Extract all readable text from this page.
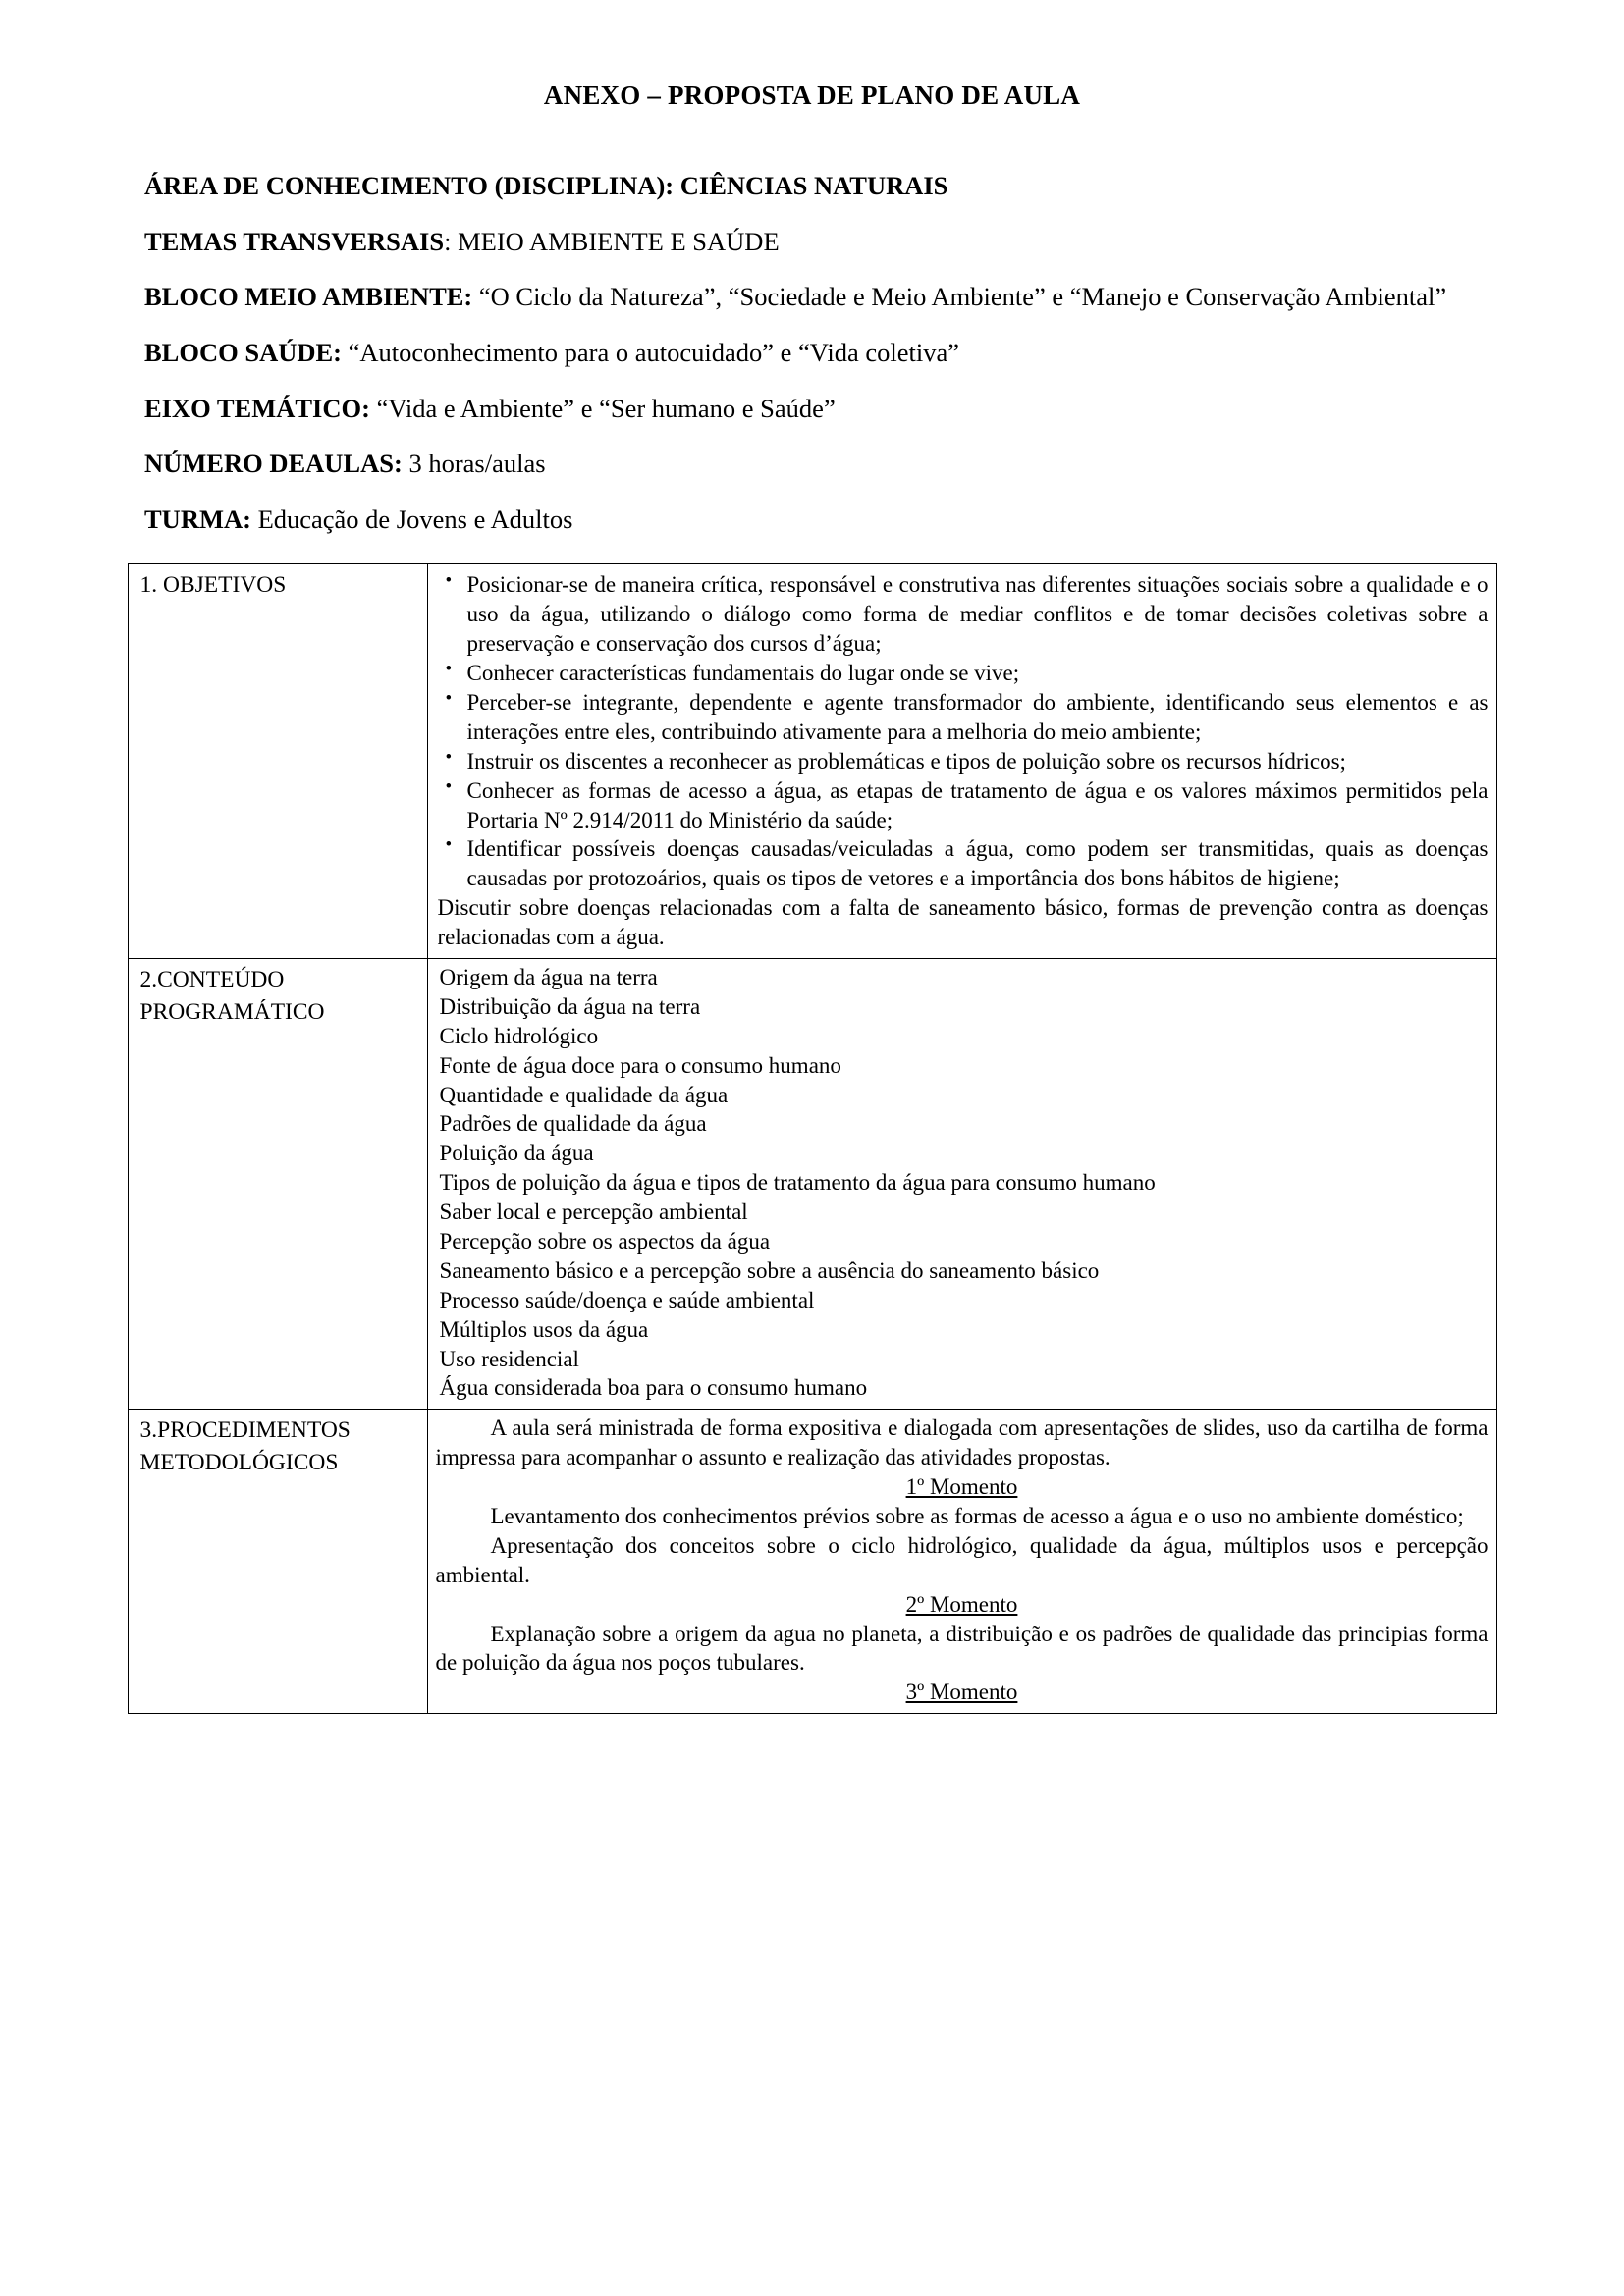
ANEXO – PROPOSTA DE PLANO DE AULA

ÁREA DE CONHECIMENTO (DISCIPLINA): CIÊNCIAS NATURAIS

TEMAS TRANSVERSAIS: MEIO AMBIENTE E SAÚDE

BLOCO MEIO AMBIENTE: “O Ciclo da Natureza”, “Sociedade e Meio Ambiente” e “Manejo e Conservação Ambiental”

BLOCO SAÚDE: “Autoconhecimento para o autocuidado” e “Vida coletiva”

EIXO TEMÁTICO: “Vida e Ambiente” e “Ser humano e Saúde”

NÚMERO DEAULAS: 3 horas/aulas

TURMA: Educação de Jovens e Adultos

1. OBJETIVOS

•Posicionar-se de maneira crítica, responsável e construtiva nas diferentes situações sociais sobre a qualidade e o uso da água, utilizando o diálogo como forma de mediar conflitos e de tomar decisões coletivas sobre a preservação e conservação dos cursos d’água;
• Conhecer características fundamentais do lugar onde se vive;
• Perceber-se integrante, dependente e agente transformador do ambiente, identificando seus elementos e as interações entre eles, contribuindo ativamente para a melhoria do meio ambiente;
• Instruir os discentes a reconhecer as problemáticas e tipos de poluição sobre os recursos hídricos;
• Conhecer as formas de acesso a água, as etapas de tratamento de água e os valores máximos permitidos pela Portaria Nº 2.914/2011 do Ministério da saúde;
• Identificar possíveis doenças causadas/veiculadas a água, como podem ser transmitidas, quais as doenças causadas por protozoários, quais os tipos de vetores e a importância dos bons hábitos de higiene;

Discutir sobre doenças relacionadas com a falta de saneamento básico, formas de prevenção contra as doenças relacionadas com a água.

2.CONTEÚDO
PROGRAMÁTICO

Origem da água na terra
Distribuição da água na terra
Ciclo hidrológico
Fonte de água doce para o consumo humano
Quantidade e qualidade da água
Padrões de qualidade da água
Poluição da água
Tipos de poluição da água e tipos de tratamento da água para consumo humano
Saber local e percepção ambiental
Percepção sobre os aspectos da água
Saneamento básico e a percepção sobre a ausência do saneamento básico
Processo saúde/doença e saúde ambiental
Múltiplos usos da água
Uso residencial
Água considerada boa para o consumo humano

3.PROCEDIMENTOS
METODOLÓGICOS

A aula será ministrada de forma expositiva e dialogada com apresentações de slides, uso da cartilha de forma impressa para acompanhar o assunto e realização das atividades propostas.

1º Momento

Levantamento dos conhecimentos prévios sobre as formas de acesso a água e o uso no ambiente doméstico;

Apresentação dos conceitos sobre o ciclo hidrológico, qualidade da água, múltiplos usos e percepção ambiental.

2º Momento

Explanação sobre a origem da agua no planeta, a distribuição e os padrões de qualidade das principias forma de poluição da água nos poços tubulares.

3º Momento
